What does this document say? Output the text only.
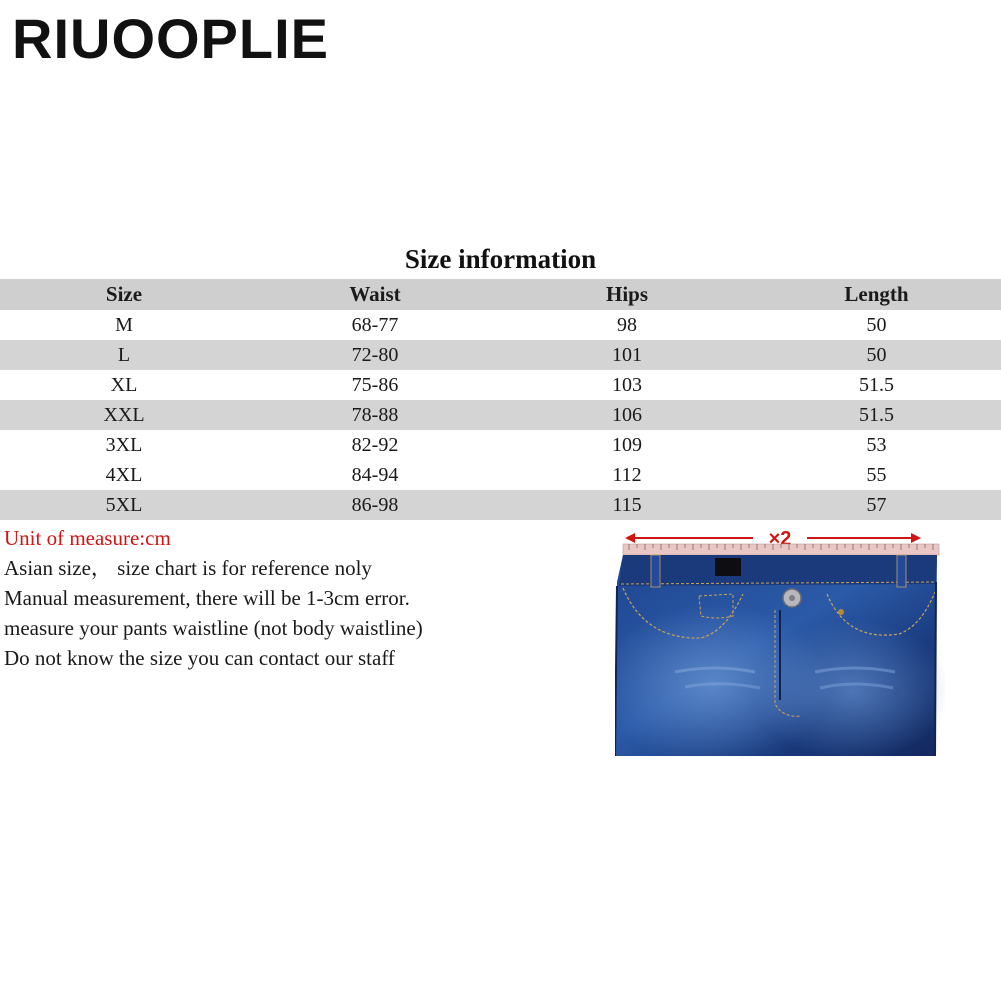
RIUOOPLIE
Size information
Size	Waist	Hips	Length
M	68-77	98	50
L	72-80	101	50
XL	75-86	103	51.5
XXL	78-88	106	51.5
3XL	82-92	109	53
4XL	84-94	112	55
5XL	86-98	115	57
Unit of measure:cm
Asian size， size chart is for reference noly
Manual measurement, there will be 1-3cm error.
measure your pants waistline (not body waistline)
Do not know the size you can contact our staff
